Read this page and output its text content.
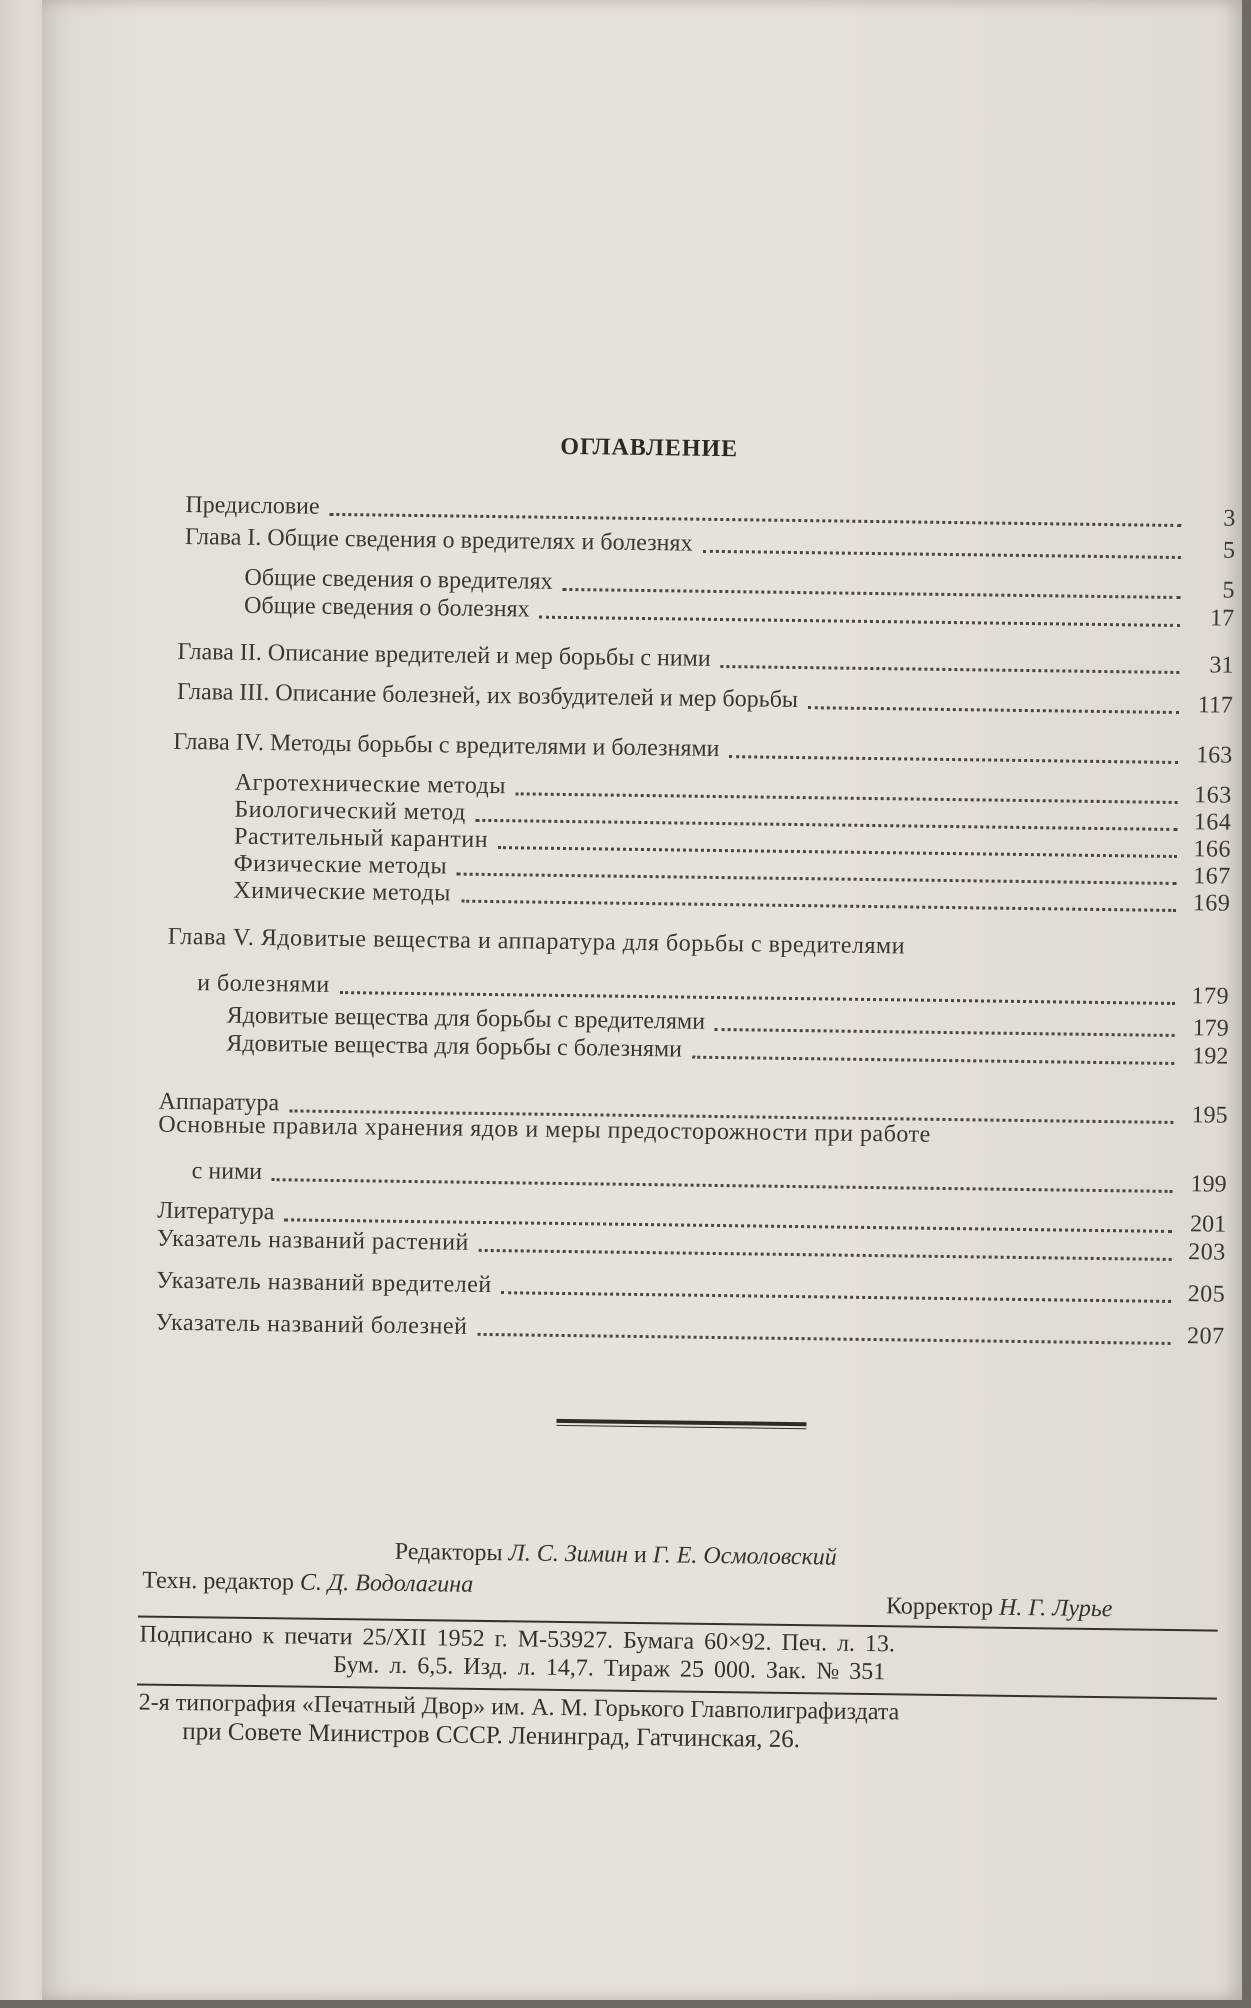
ОГЛАВЛЕНИЕ
Предисловие	3
Глава I. Общие сведения о вредителях и болезнях	5
Общие сведения о вредителях	5
Общие сведения о болезнях	17
Глава II. Описание вредителей и мер борьбы с ними	31
Глава III. Описание болезней, их возбудителей и мер борьбы	117
Глава IV. Методы борьбы с вредителями и болезнями	163
Агротехнические методы	163
Биологический метод	164
Растительный карантин	166
Физические методы	167
Химические методы	169
Глава V. Ядовитые вещества и аппаратура для борьбы с вредителями
и болезнями	179
Ядовитые вещества для борьбы с вредителями	179
Ядовитые вещества для борьбы с болезнями	192
Аппаратура	195
Основные правила хранения ядов и меры предосторожности при работе
с ними	199
Литература	201
Указатель названий растений	203
Указатель названий вредителей	205
Указатель названий болезней	207
Редакторы Л. С. Зимин и Г. Е. Осмоловский
Техн. редактор С. Д. Водолагина
Корректор Н. Г. Лурье
Подписано к печати 25/XII 1952 г. М-53927. Бумага 60×92. Печ. л. 13.
Бум. л. 6,5. Изд. л. 14,7. Тираж 25 000. Зак. № 351
2-я типография «Печатный Двор» им. А. М. Горького Главполиграфиздата
при Совете Министров СССР. Ленинград, Гатчинская, 26.
